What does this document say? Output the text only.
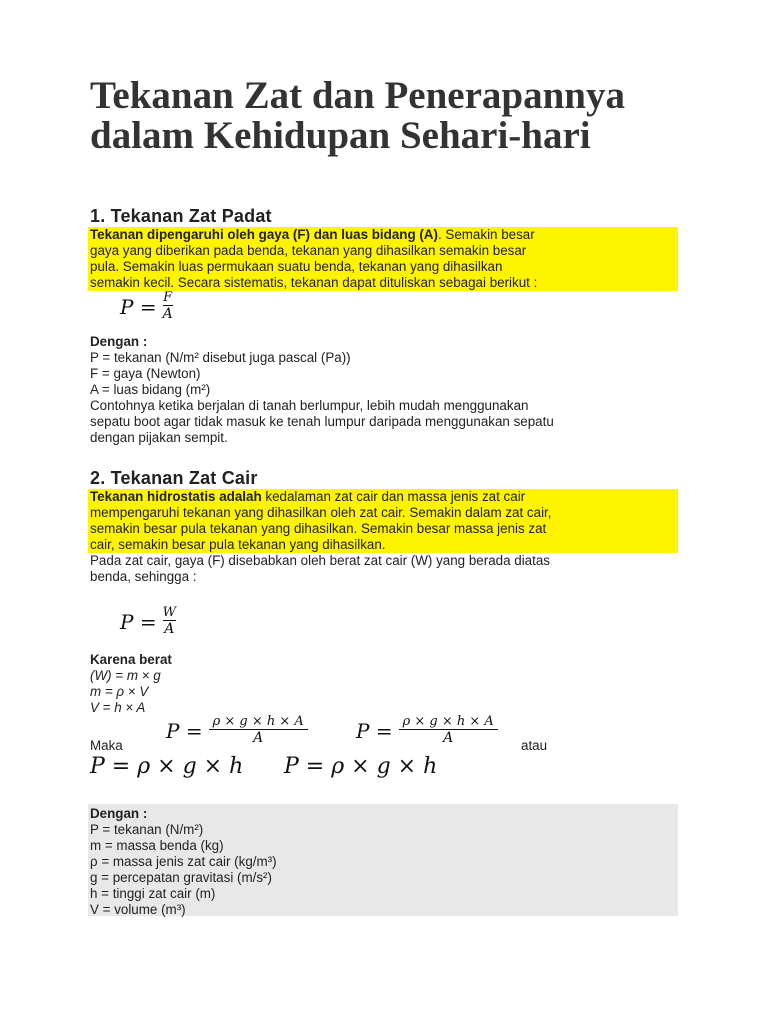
Tekanan Zat dan Penerapannya dalam Kehidupan Sehari-hari
1. Tekanan Zat Padat
Tekanan dipengaruhi oleh gaya (F) dan luas bidang (A). Semakin besar
gaya yang diberikan pada benda, tekanan yang dihasilkan semakin besar
pula. Semakin luas permukaan suatu benda, tekanan yang dihasilkan
semakin kecil. Secara sistematis, tekanan dapat dituliskan sebagai berikut :
$P = \frac{F}{A}$
Dengan :
P = tekanan (N/m² disebut juga pascal (Pa))
F = gaya (Newton)
A = luas bidang (m²)
Contohnya ketika berjalan di tanah berlumpur, lebih mudah menggunakan
sepatu boot agar tidak masuk ke tenah lumpur daripada menggunakan sepatu
dengan pijakan sempit.
2. Tekanan Zat Cair
Tekanan hidrostatis adalah kedalaman zat cair dan massa jenis zat cair
mempengaruhi tekanan yang dihasilkan oleh zat cair. Semakin dalam zat cair,
semakin besar pula tekanan yang dihasilkan. Semakin besar massa jenis zat
cair, semakin besar pula tekanan yang dihasilkan.
Pada zat cair, gaya (F) disebabkan oleh berat zat cair (W) yang berada diatas
benda, sehingga :
$P = \frac{W}{A}$
Karena berat
(W) = m × g
m = ρ × V
V = h × A
Maka
$P = \frac{\rho \times g \times h \times A}{A}$ $P = \frac{\rho \times g \times h \times A}{A}$ atau
P = ρ × g × h P = ρ × g × h
Dengan :
P = tekanan (N/m²)
m = massa benda (kg)
ρ = massa jenis zat cair (kg/m³)
g = percepatan gravitasi (m/s²)
h = tinggi zat cair (m)
V = volume (m³)
